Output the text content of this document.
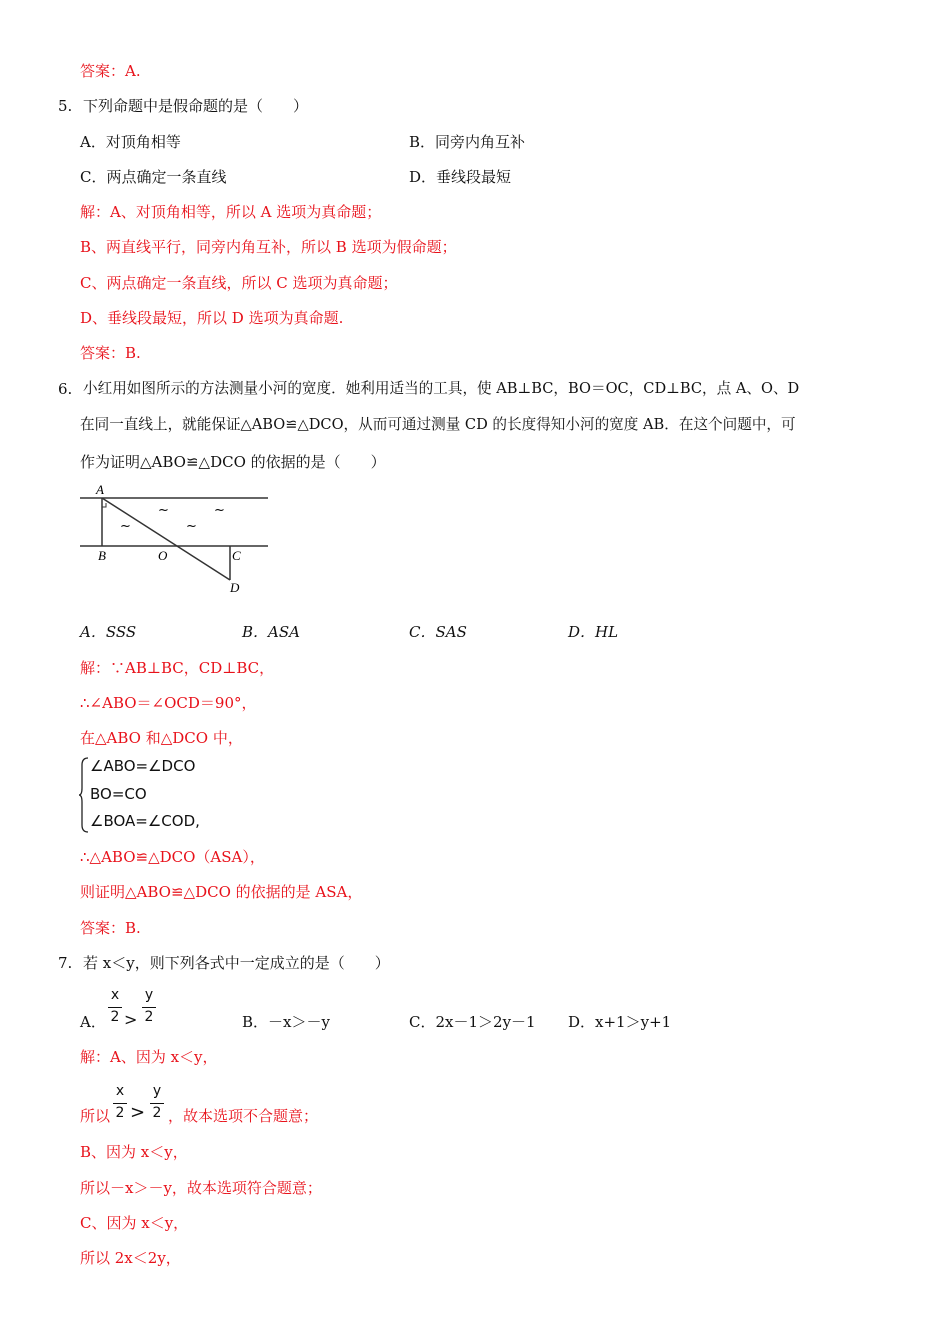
答案：A.
5. 下列命题中是假命题的是（　　）
A．对顶角相等	B．同旁内角互补
C．两点确定一条直线	D．垂线段最短
解：A、对顶角相等，所以 A 选项为真命题；
B、两直线平行，同旁内角互补，所以 B 选项为假命题；
C、两点确定一条直线，所以 C 选项为真命题；
D、垂线段最短，所以 D 选项为真命题.
答案：B.
6. 小红用如图所示的方法测量小河的宽度．她利用适当的工具，使 AB⊥BC，BO＝OC，CD⊥BC，点 A、O、D
在同一直线上，就能保证△ABO≌△DCO，从而可通过测量 CD 的长度得知小河的宽度 AB．在这个问题中，可
作为证明△ABO≌△DCO 的依据的是（　　）
A
B	O	C
D
~	~
~	~
A．SSS	B．ASA	C．SAS	D．HL
解：∵AB⊥BC，CD⊥BC，
∴∠ABO＝∠OCD＝90°，
在△ABO 和△DCO 中，
∠ABO=∠DCO
BO=CO
∠BOA=∠COD,
∴△ABO≌△DCO（ASA），
则证明△ABO≌△DCO 的依据的是 ASA，
答案：B.
7. 若 x＜y，则下列各式中一定成立的是（　　）
A．
x
2 >
y
2	B．－x＞－y	C．2x－1＞2y－1 D．x+1＞y+1
解：A、因为 x＜y，
所以
x
2 >
y
2 ，故本选项不合题意；
B、因为 x＜y，
所以－x＞－y，故本选项符合题意；
C、因为 x＜y，
所以 2x＜2y，
